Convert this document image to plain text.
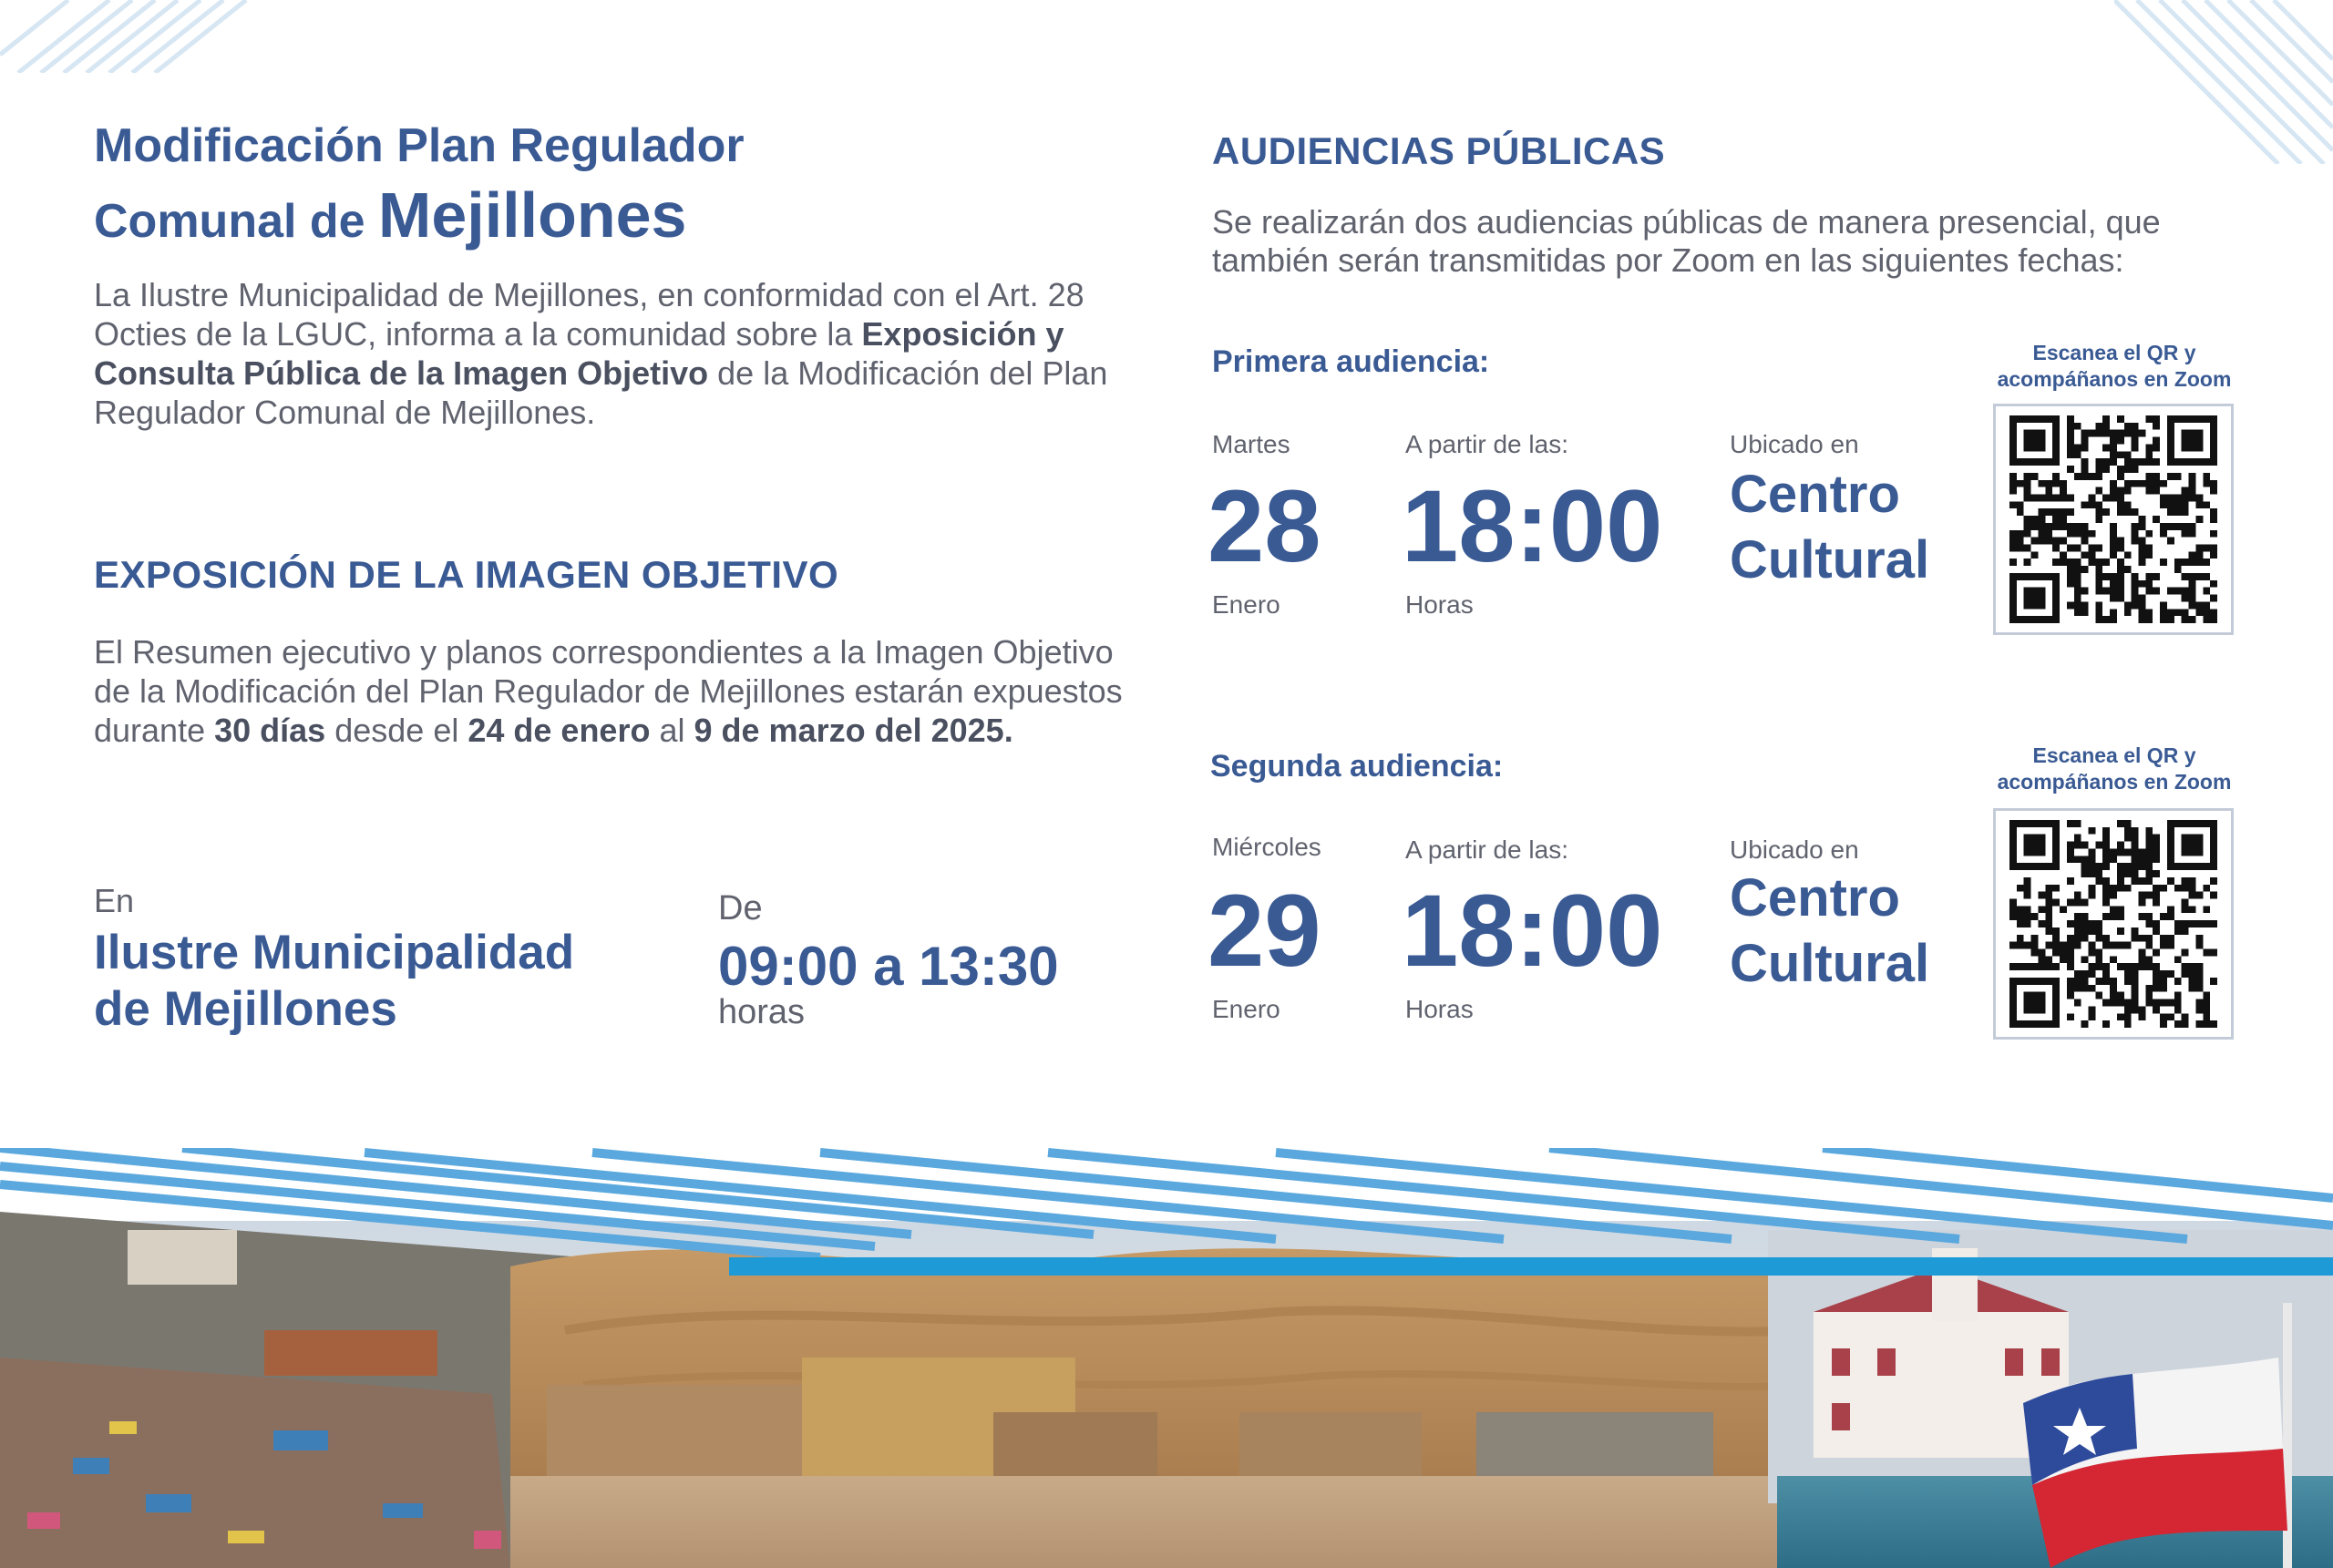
Modificación Plan Regulador
Comunal de Mejillones

La Ilustre Municipalidad de Mejillones, en conformidad con el Art. 28 Octies de la LGUC, informa a la comunidad sobre la Exposición y Consulta Pública de la Imagen Objetivo de la Modificación del Plan Regulador Comunal de Mejillones.

EXPOSICIÓN DE LA IMAGEN OBJETIVO

El Resumen ejecutivo y planos correspondientes a la Imagen Objetivo de la Modificación del Plan Regulador de Mejillones estarán expuestos durante 30 días desde el 24 de enero al 9 de marzo del 2025.

En
Ilustre Municipalidad
de Mejillones
De
09:00 a 13:30
horas
AUDIENCIAS PÚBLICAS

Se realizarán dos audiencias públicas de manera presencial, que también serán transmitidas por Zoom en las siguientes fechas:

Primera audiencia:
Martes
28
Enero
A partir de las:
18:00
Horas
Ubicado en
Centro
Cultural
Escanea el QR y
acompáñanos en Zoom
Segunda audiencia:
Miércoles
29
Enero
A partir de las:
18:00
Horas
Ubicado en
Centro
Cultural
Escanea el QR y
acompáñanos en Zoom
